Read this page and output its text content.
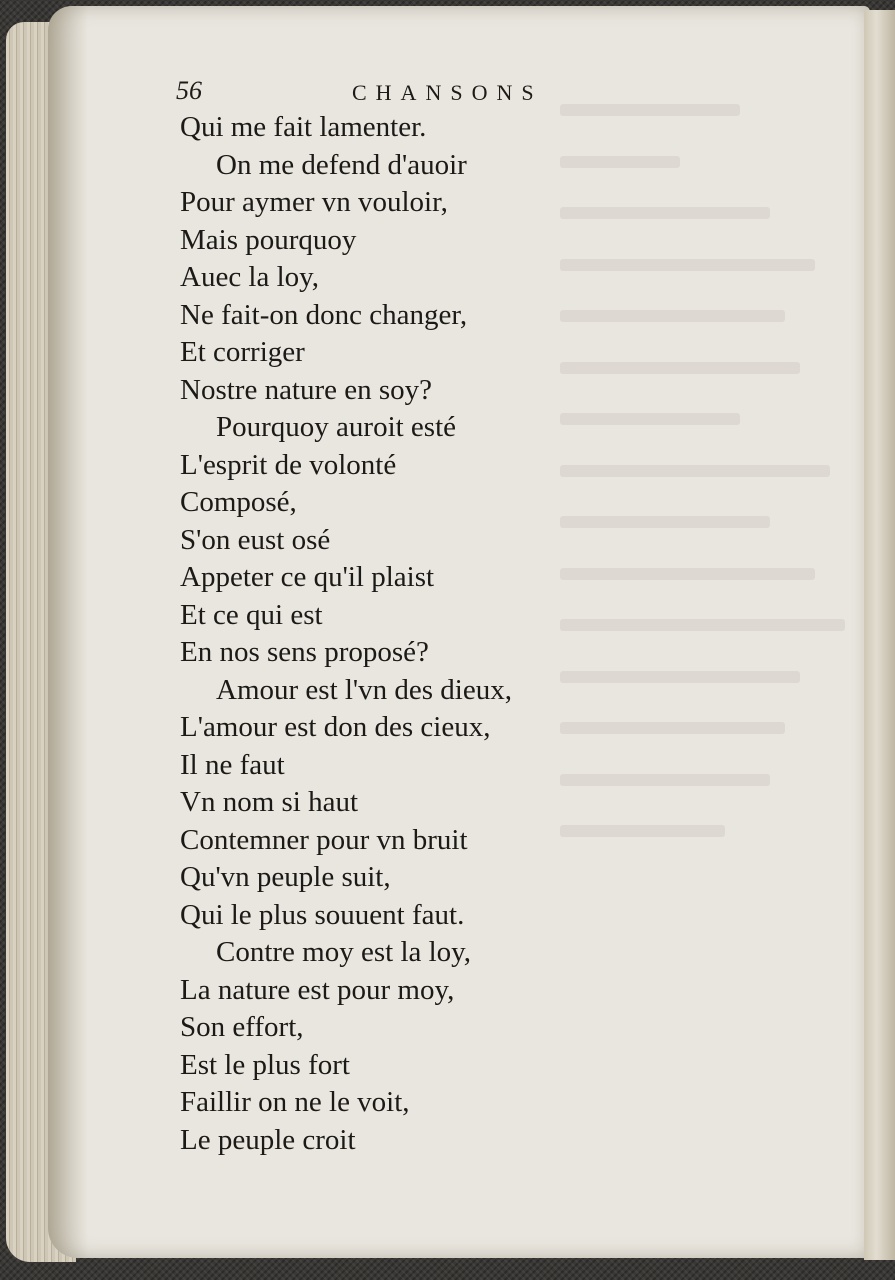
56	CHANSONS
Qui me fait lamenter.
On me defend d'auoir
Pour aymer vn vouloir,
Mais pourquoy
Auec la loy,
Ne fait-on donc changer,
Et corriger
Nostre nature en soy?
Pourquoy auroit esté
L'esprit de volonté
Composé,
S'on eust osé
Appeter ce qu'il plaist
Et ce qui est
En nos sens proposé?
Amour est l'vn des dieux,
L'amour est don des cieux,
Il ne faut
Vn nom si haut
Contemner pour vn bruit
Qu'vn peuple suit,
Qui le plus souuent faut.
Contre moy est la loy,
La nature est pour moy,
Son effort,
Est le plus fort
Faillir on ne le voit,
Le peuple croit
